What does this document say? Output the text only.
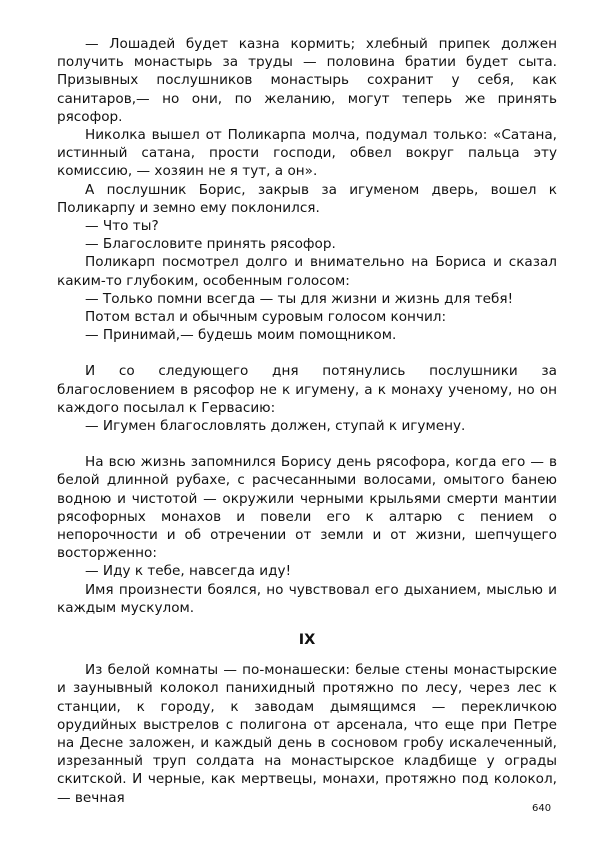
— Лошадей будет казна кормить; хлебный припек должен получить монастырь за труды — половина братии будет сыта. Призывных послушников монастырь сохранит у себя, как санитаров,— но они, по желанию, могут теперь же принять рясофор.

Николка вышел от Поликарпа молча, подумал только: «Сатана, истинный сатана, прости господи, обвел вокруг пальца эту комиссию, — хозяин не я тут, а он».

А послушник Борис, закрыв за игуменом дверь, вошел к Поликарпу и земно ему поклонился.

— Что ты?

— Благословите принять рясофор.

Поликарп посмотрел долго и внимательно на Бориса и сказал каким-то глубоким, особенным голосом:

— Только помни всегда — ты для жизни и жизнь для тебя!

Потом встал и обычным суровым голосом кончил:

— Принимай,— будешь моим помощником.

И со следующего дня потянулись послушники за благословением в рясофор не к игумену, а к монаху ученому, но он каждого посылал к Гервасию:

— Игумен благословлять должен, ступай к игумену.

На всю жизнь запомнился Борису день рясофора, когда его — в белой длинной рубахе, с расчесанными волосами, омытого банею водною и чистотой — окружили черными крыльями смерти мантии рясофорных монахов и повели его к алтарю с пением о непорочности и об отречении от земли и от жизни, шепчущего восторженно:

— Иду к тебе, навсегда иду!

Имя произнести боялся, но чувствовал его дыханием, мыслью и каждым мускулом.

IX

Из белой комнаты — по-монашески: белые стены монастырские и заунывный колокол панихидный протяжно по лесу, через лес к станции, к городу, к заводам дымящимся — перекличкою орудийных выстрелов с полигона от арсенала, что еще при Петре на Десне заложен, и каждый день в сосновом гробу искалеченный, изрезанный труп солдата на монастырское кладбище у ограды скитской. И черные, как мертвецы, монахи, протяжно под колокол,— вечная

640
